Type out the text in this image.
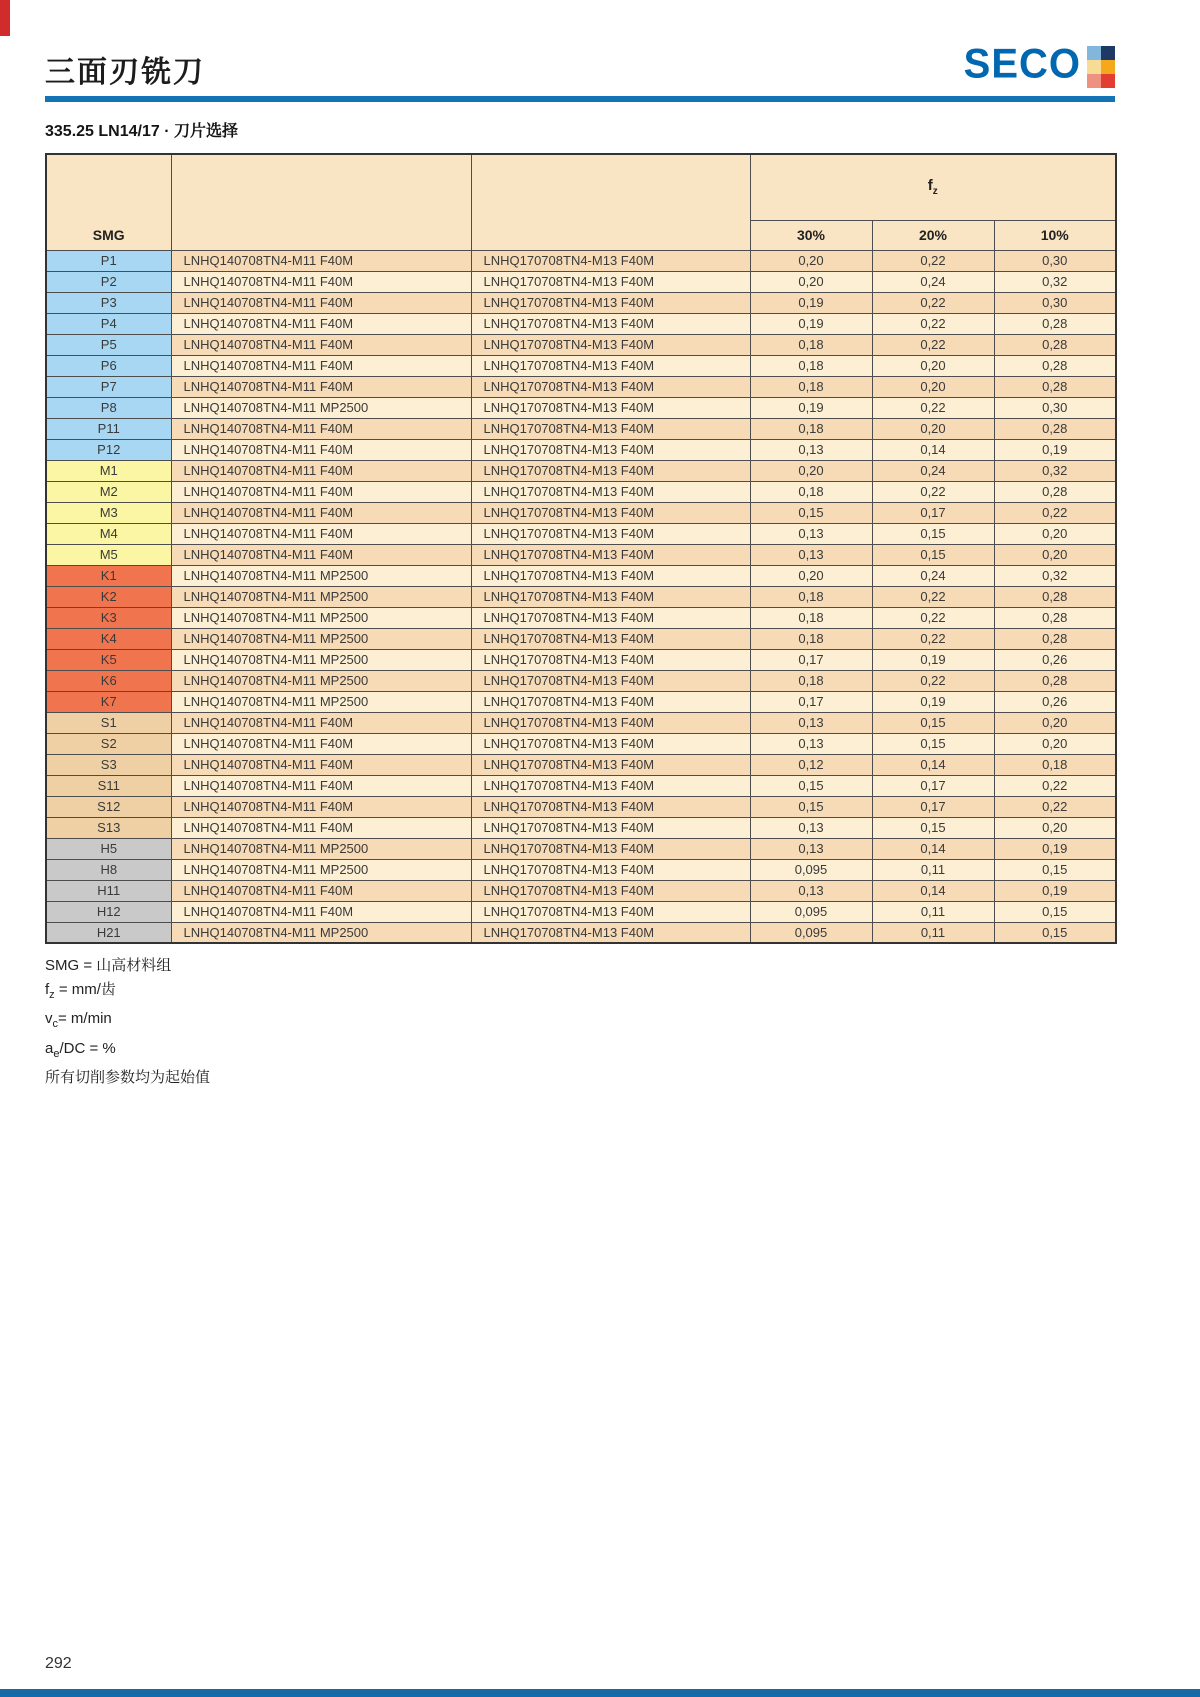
三面刃铣刀	SECO
335.25 LN14/17 · 刀片选择
SMG			$f_z$
			30%	20%	10%
P1	LNHQ140708TN4-M11 F40M	LNHQ170708TN4-M13 F40M	0,20	0,22	0,30
P2	LNHQ140708TN4-M11 F40M	LNHQ170708TN4-M13 F40M	0,20	0,24	0,32
P3	LNHQ140708TN4-M11 F40M	LNHQ170708TN4-M13 F40M	0,19	0,22	0,30
P4	LNHQ140708TN4-M11 F40M	LNHQ170708TN4-M13 F40M	0,19	0,22	0,28
P5	LNHQ140708TN4-M11 F40M	LNHQ170708TN4-M13 F40M	0,18	0,22	0,28
P6	LNHQ140708TN4-M11 F40M	LNHQ170708TN4-M13 F40M	0,18	0,20	0,28
P7	LNHQ140708TN4-M11 F40M	LNHQ170708TN4-M13 F40M	0,18	0,20	0,28
P8	LNHQ140708TN4-M11 MP2500	LNHQ170708TN4-M13 F40M	0,19	0,22	0,30
P11	LNHQ140708TN4-M11 F40M	LNHQ170708TN4-M13 F40M	0,18	0,20	0,28
P12	LNHQ140708TN4-M11 F40M	LNHQ170708TN4-M13 F40M	0,13	0,14	0,19
M1	LNHQ140708TN4-M11 F40M	LNHQ170708TN4-M13 F40M	0,20	0,24	0,32
M2	LNHQ140708TN4-M11 F40M	LNHQ170708TN4-M13 F40M	0,18	0,22	0,28
M3	LNHQ140708TN4-M11 F40M	LNHQ170708TN4-M13 F40M	0,15	0,17	0,22
M4	LNHQ140708TN4-M11 F40M	LNHQ170708TN4-M13 F40M	0,13	0,15	0,20
M5	LNHQ140708TN4-M11 F40M	LNHQ170708TN4-M13 F40M	0,13	0,15	0,20
K1	LNHQ140708TN4-M11 MP2500	LNHQ170708TN4-M13 F40M	0,20	0,24	0,32
K2	LNHQ140708TN4-M11 MP2500	LNHQ170708TN4-M13 F40M	0,18	0,22	0,28
K3	LNHQ140708TN4-M11 MP2500	LNHQ170708TN4-M13 F40M	0,18	0,22	0,28
K4	LNHQ140708TN4-M11 MP2500	LNHQ170708TN4-M13 F40M	0,18	0,22	0,28
K5	LNHQ140708TN4-M11 MP2500	LNHQ170708TN4-M13 F40M	0,17	0,19	0,26
K6	LNHQ140708TN4-M11 MP2500	LNHQ170708TN4-M13 F40M	0,18	0,22	0,28
K7	LNHQ140708TN4-M11 MP2500	LNHQ170708TN4-M13 F40M	0,17	0,19	0,26
S1	LNHQ140708TN4-M11 F40M	LNHQ170708TN4-M13 F40M	0,13	0,15	0,20
S2	LNHQ140708TN4-M11 F40M	LNHQ170708TN4-M13 F40M	0,13	0,15	0,20
S3	LNHQ140708TN4-M11 F40M	LNHQ170708TN4-M13 F40M	0,12	0,14	0,18
S11	LNHQ140708TN4-M11 F40M	LNHQ170708TN4-M13 F40M	0,15	0,17	0,22
S12	LNHQ140708TN4-M11 F40M	LNHQ170708TN4-M13 F40M	0,15	0,17	0,22
S13	LNHQ140708TN4-M11 F40M	LNHQ170708TN4-M13 F40M	0,13	0,15	0,20
H5	LNHQ140708TN4-M11 MP2500	LNHQ170708TN4-M13 F40M	0,13	0,14	0,19
H8	LNHQ140708TN4-M11 MP2500	LNHQ170708TN4-M13 F40M	0,095	0,11	0,15
H11	LNHQ140708TN4-M11 F40M	LNHQ170708TN4-M13 F40M	0,13	0,14	0,19
H12	LNHQ140708TN4-M11 F40M	LNHQ170708TN4-M13 F40M	0,095	0,11	0,15
H21	LNHQ140708TN4-M11 MP2500	LNHQ170708TN4-M13 F40M	0,095	0,11	0,15
SMG = 山高材料组
$f_z = mm/$齿
$v_c= m/\min$
$a_e/DC$ = %
所有切削参数均为起始值
292
